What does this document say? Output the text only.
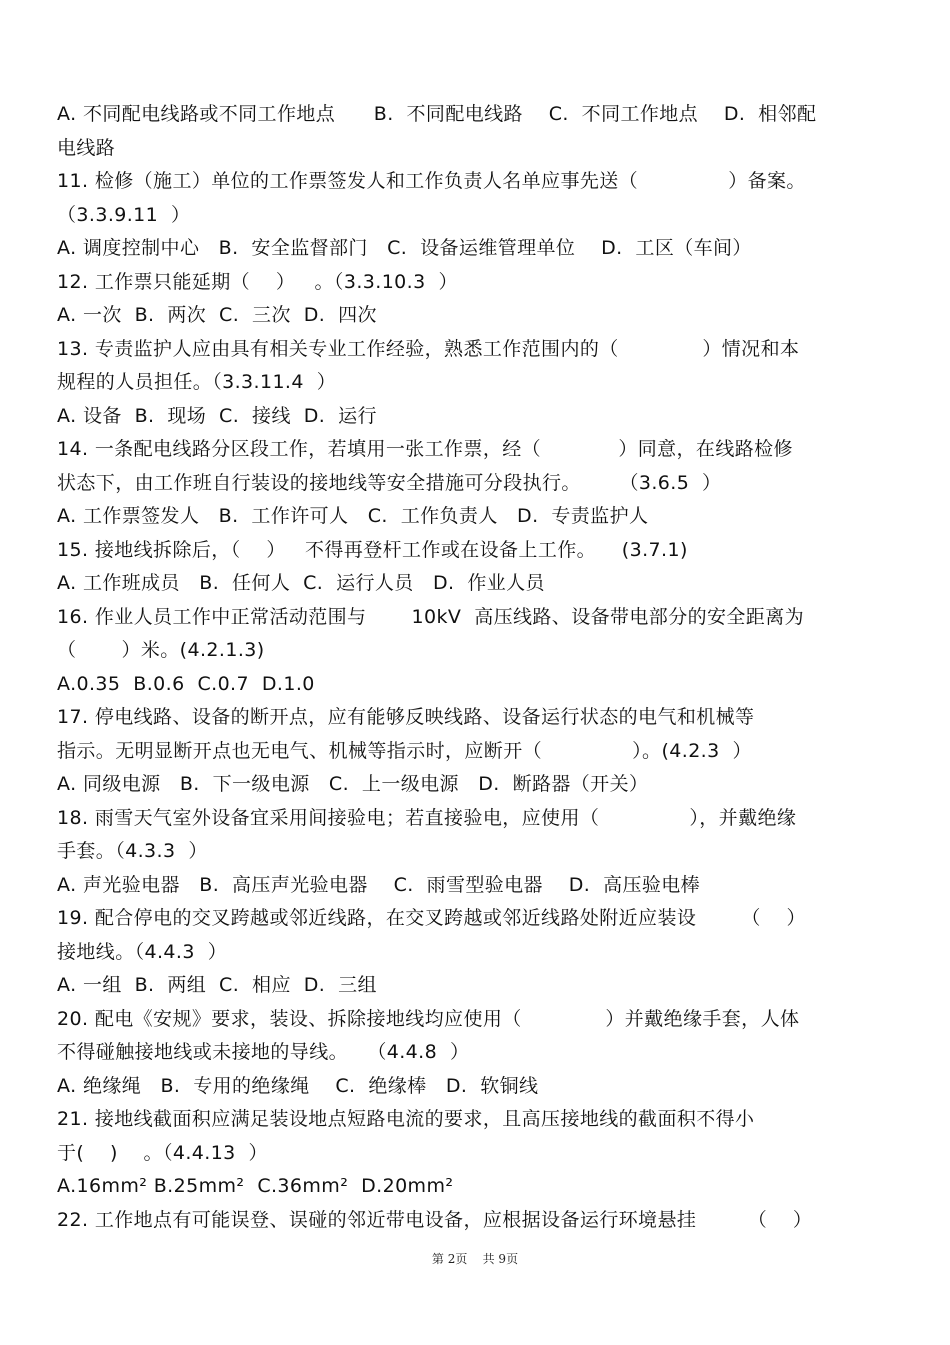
A. 不同配电线路或不同工作地点      B.  不同配电线路    C.  不同工作地点    D.  相邻配
电线路
11. 检修（施工）单位的工作票签发人和工作负责人名单应事先送（              ）备案。
（3.3.9.11  ）
A. 调度控制中心   B.  安全监督部门   C.  设备运维管理单位    D.  工区（车间）
12. 工作票只能延期（    ）   。（3.3.10.3  ）
A. 一次  B.  两次  C.  三次  D.  四次
13. 专责监护人应由具有相关专业工作经验，熟悉工作范围内的（             ）情况和本
规程的人员担任。（3.3.11.4  ）
A. 设备  B.  现场  C.  接线  D.  运行
14. 一条配电线路分区段工作，若填用一张工作票，经（            ）同意，在线路检修
状态下，由工作班自行装设的接地线等安全措施可分段执行。      （3.6.5  ）
A. 工作票签发人   B.  工作许可人   C.  工作负责人   D.  专责监护人
15. 接地线拆除后，（    ）   不得再登杆工作或在设备上工作。    (3.7.1)
A. 工作班成员   B.  任何人  C.  运行人员   D.  作业人员
16. 作业人员工作中正常活动范围与       10kV  高压线路、设备带电部分的安全距离为
（       ）米。(4.2.1.3)
A.0.35  B.0.6  C.0.7  D.1.0
17. 停电线路、设备的断开点，应有能够反映线路、设备运行状态的电气和机械等
指示。无明显断开点也无电气、机械等指示时，应断开（              ）。(4.2.3  ）
A. 同级电源   B.  下一级电源   C.  上一级电源   D.  断路器（开关）
18. 雨雪天气室外设备宜采用间接验电；若直接验电，应使用（              ），并戴绝缘
手套。（4.3.3  ）
A. 声光验电器   B.  高压声光验电器    C.  雨雪型验电器    D.  高压验电棒
19. 配合停电的交叉跨越或邻近线路，在交叉跨越或邻近线路处附近应装设       （    ）
接地线。（4.4.3  ）
A. 一组  B.  两组  C.  相应  D.  三组
20. 配电《安规》要求，装设、拆除接地线均应使用（             ）并戴绝缘手套，人体
不得碰触接地线或未接地的导线。   （4.4.8  ）
A. 绝缘绳   B.  专用的绝缘绳    C.  绝缘棒   D.  软铜线
21. 接地线截面积应满足装设地点短路电流的要求，且高压接地线的截面积不得小
于(    )    。（4.4.13  ）
A.16mm² B.25mm²  C.36mm²  D.20mm²
22. 工作地点有可能误登、误碰的邻近带电设备，应根据设备运行环境悬挂        （    ）
第 2页    共 9页
